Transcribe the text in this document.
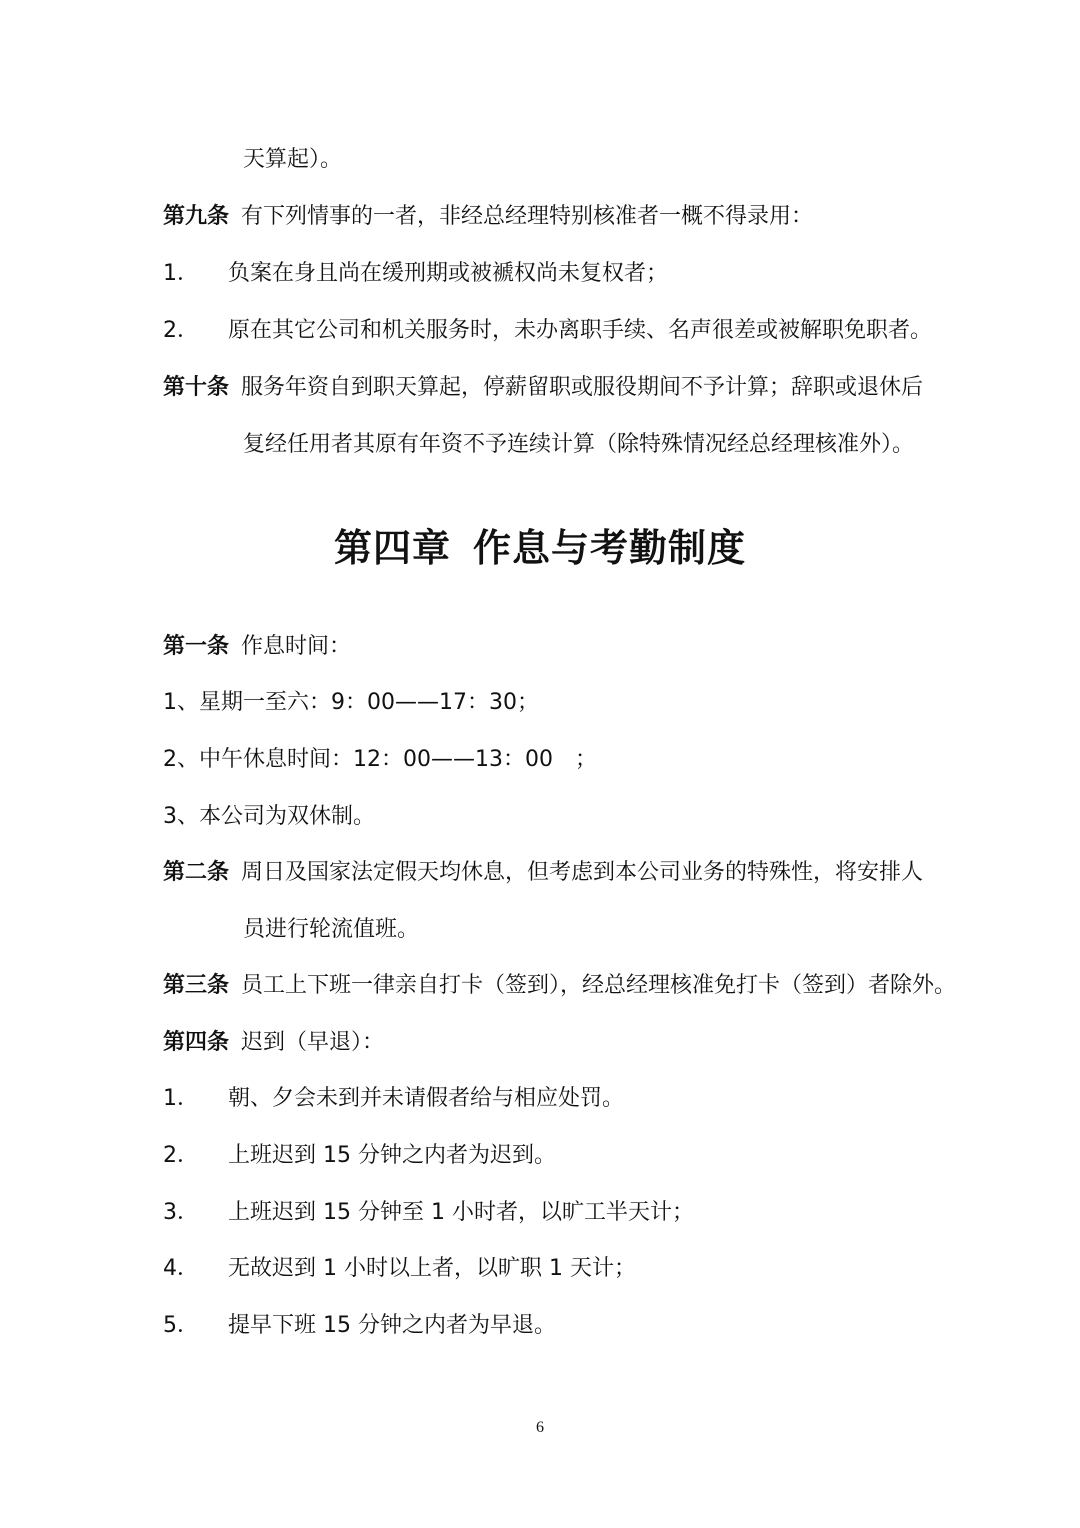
天算起）。
第九条 有下列情事的一者，非经总经理特别核准者一概不得录用：
1． 负案在身且尚在缓刑期或被褫权尚未复权者；
2． 原在其它公司和机关服务时，未办离职手续、名声很差或被解职免职者。
第十条 服务年资自到职天算起，停薪留职或服役期间不予计算；辞职或退休后
复经任用者其原有年资不予连续计算（除特殊情况经总经理核准外）。
第四章 作息与考勤制度
第一条 作息时间：
1、星期一至六：9：00——17：30；
2、中午休息时间：12：00——13：00　；
3、本公司为双休制。
第二条 周日及国家法定假天均休息，但考虑到本公司业务的特殊性，将安排人
员进行轮流值班。
第三条 员工上下班一律亲自打卡（签到），经总经理核准免打卡（签到）者除外。
第四条 迟到（早退）：
1． 朝、夕会未到并未请假者给与相应处罚。
2． 上班迟到 15 分钟之内者为迟到。
3． 上班迟到 15 分钟至 1 小时者，以旷工半天计；
4． 无故迟到 1 小时以上者，以旷职 1 天计；
5． 提早下班 15 分钟之内者为早退。
6
